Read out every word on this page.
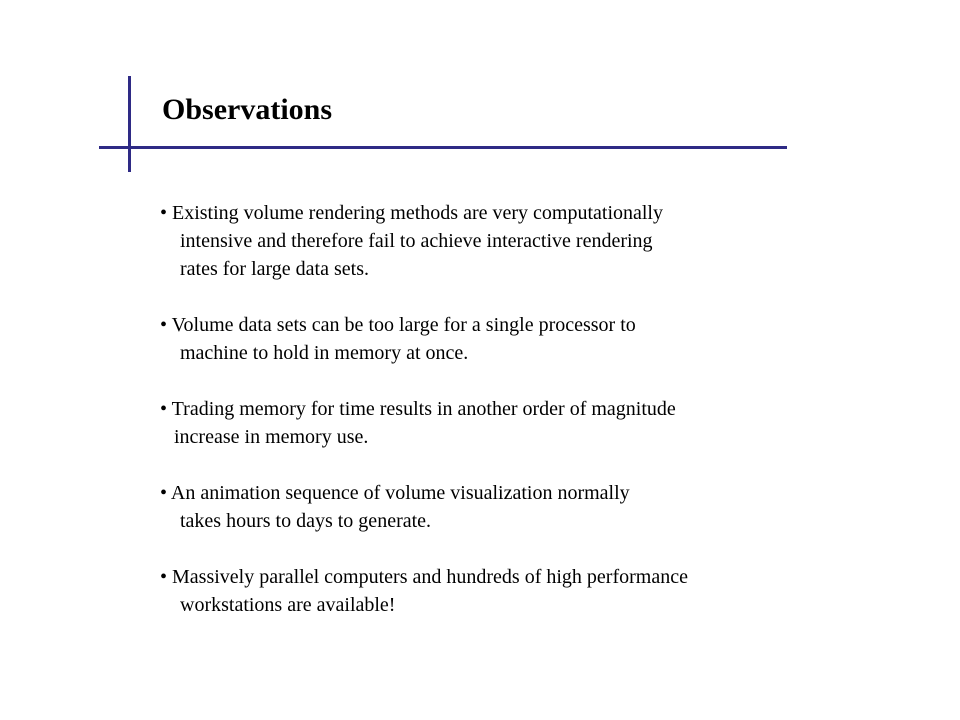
Observations
• Existing volume rendering methods are very computationally
intensive and therefore fail to achieve interactive rendering
rates for large data sets.
• Volume data sets can be too large for a single processor to
machine to hold in memory at once.
• Trading memory for time results in another order of magnitude
increase in memory use.
• An animation sequence of volume visualization normally
takes hours to days to generate.
• Massively parallel computers and hundreds of high performance
workstations are available!
